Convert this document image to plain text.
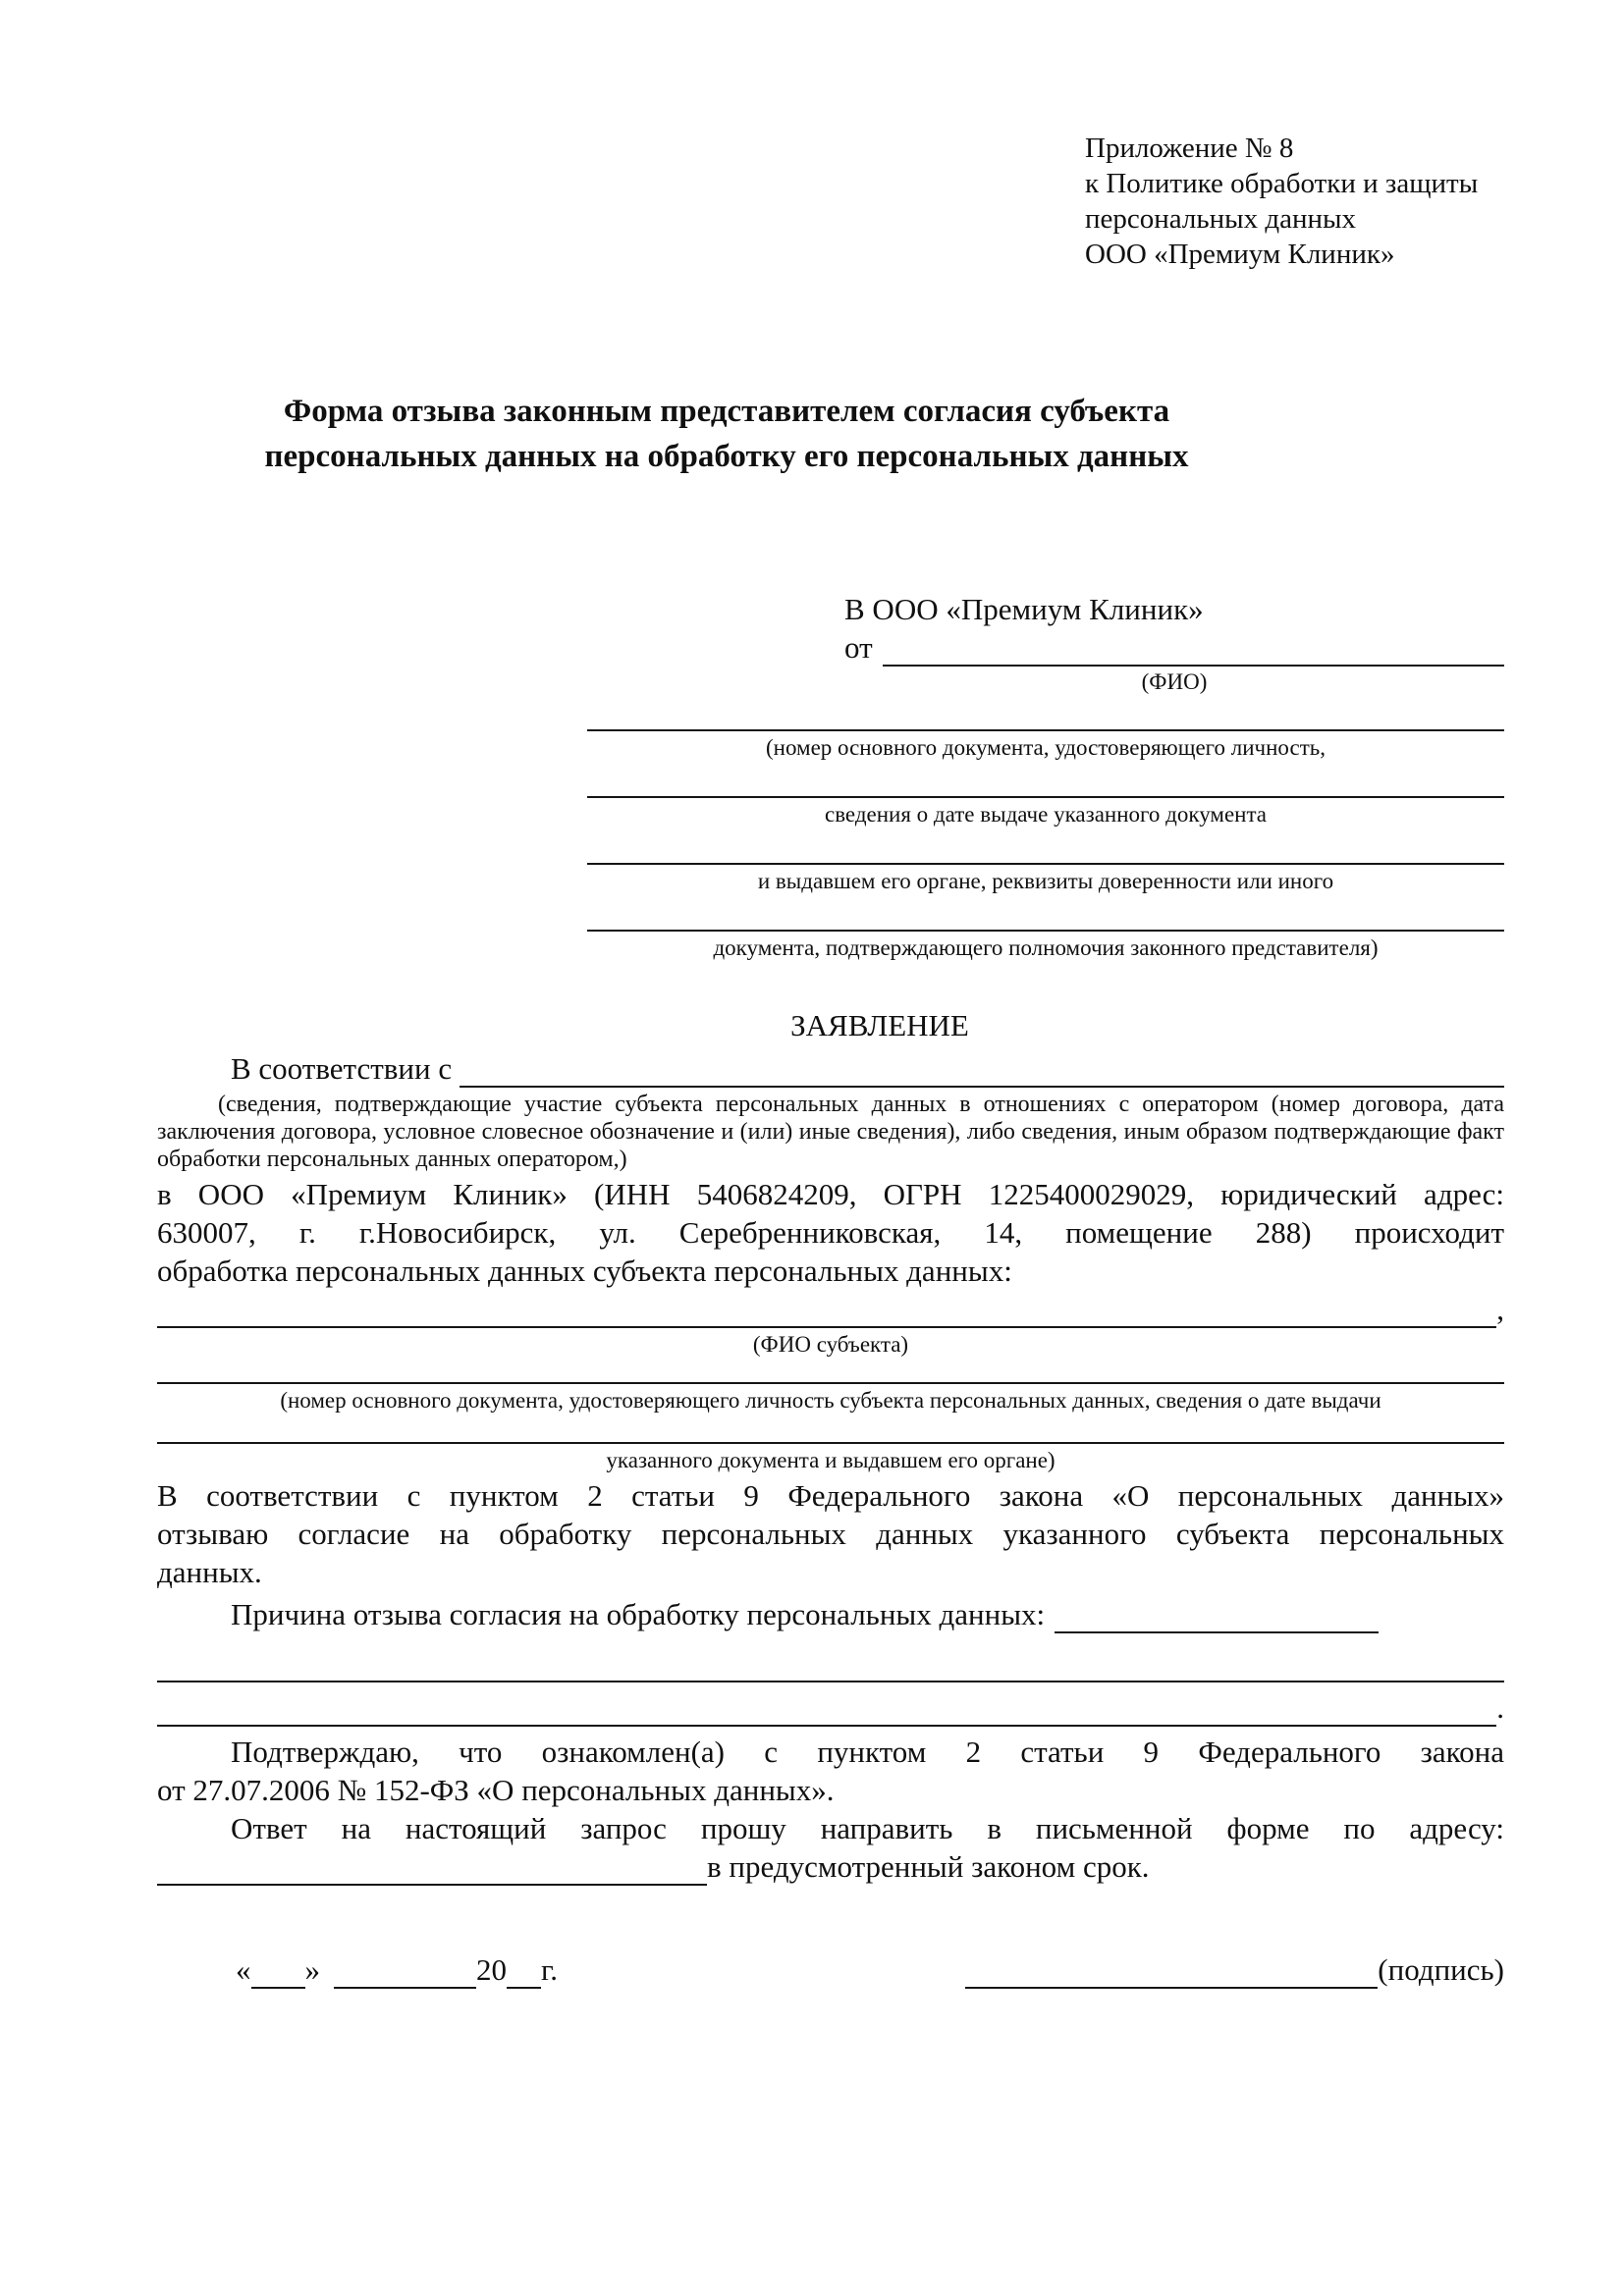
Приложение № 8
к Политике обработки и защиты
персональных данных
ООО «Премиум Клиник»
Форма отзыва законным представителем согласия субъекта персональных данных на обработку его персональных данных
В ООО «Премиум Клиник»
от
(ФИО)
(номер основного документа, удостоверяющего личность,
сведения о дате выдаче указанного документа
и выдавшем его органе, реквизиты доверенности или иного
документа, подтверждающего полномочия законного представителя)
ЗАЯВЛЕНИЕ
В соответствии с
(сведения, подтверждающие участие субъекта персональных данных в отношениях с оператором (номер договора, дата заключения договора, условное словесное обозначение и (или) иные сведения), либо сведения, иным образом подтверждающие факт обработки персональных данных оператором,)
в ООО «Премиум Клиник» (ИНН 5406824209, ОГРН 1225400029029, юридический адрес:
630007, г. г.Новосибирск, ул. Серебренниковская, 14, помещение 288) происходит
обработка персональных данных субъекта персональных данных:
,
(ФИО субъекта)
(номер основного документа, удостоверяющего личность субъекта персональных данных, сведения о дате выдачи
указанного документа и выдавшем его органе)
В соответствии с пунктом 2 статьи 9 Федерального закона «О персональных данных»
отзываю согласие на обработку персональных данных указанного субъекта персональных
данных.
Причина отзыва согласия на обработку персональных данных:
.
Подтверждаю, что ознакомлен(а) с пунктом 2 статьи 9 Федерального закона
от 27.07.2006 № 152-ФЗ «О персональных данных».
Ответ на настоящий запрос прошу направить в письменной форме по адресу:
в предусмотренный законом срок.
« »	20 г.	(подпись)
